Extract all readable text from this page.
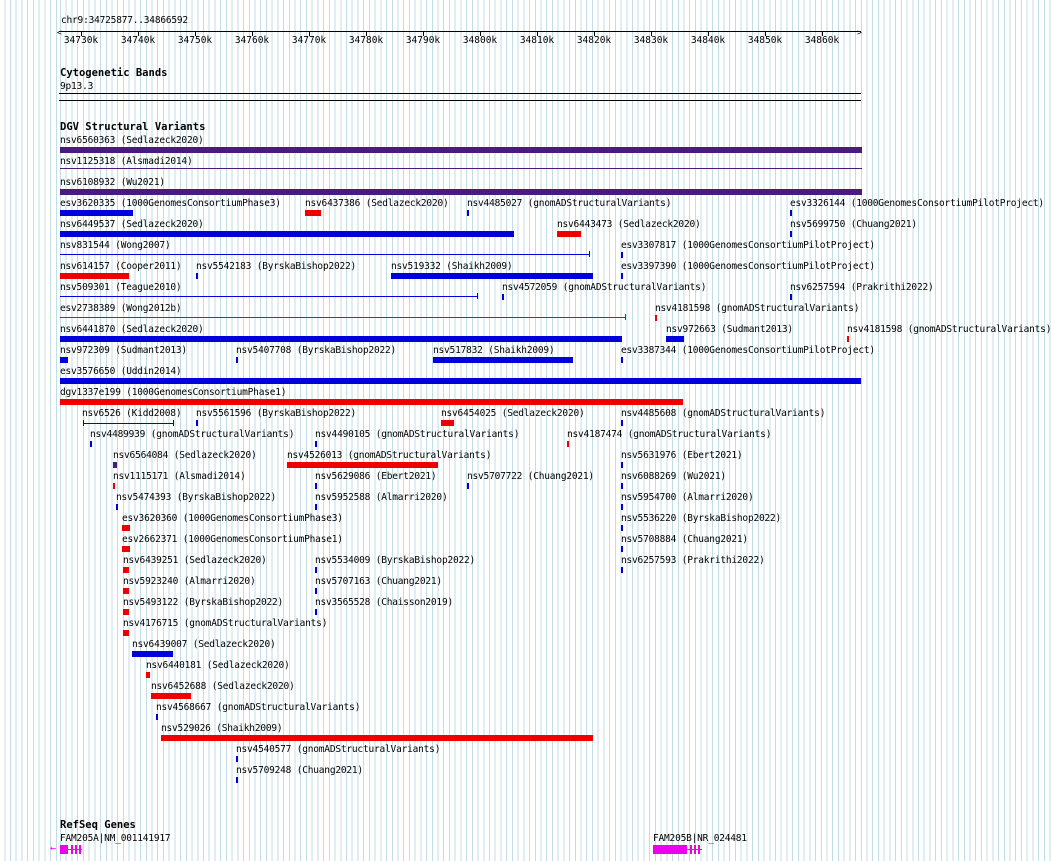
chr9:34725877..34866592
>
<
34730k 34740k 34750k 34760k 34770k 34780k 34790k 34800k 34810k 34820k 34830k 34840k 34850k 34860k
Cytogenetic Bands
9p13.3
DGV Structural Variants
nsv6560363 (Sedlazeck2020)
nsv1125318 (Alsmadi2014)
nsv6108932 (Wu2021)
esv3620335 (1000GenomesConsortiumPhase3)	nsv6437386 (Sedlazeck2020) nsv4485027 (gnomADStructuralVariants)	esv3326144 (1000GenomesConsortiumPilotProject)
nsv6449537 (Sedlazeck2020)	nsv6443473 (Sedlazeck2020)	nsv5699750 (Chuang2021)
nsv831544 (Wong2007)	esv3307817 (1000GenomesConsortiumPilotProject)
nsv614157 (Cooper2011) nsv5542183 (ByrskaBishop2022)	nsv519332 (Shaikh2009)	esv3397390 (1000GenomesConsortiumPilotProject)
nsv509301 (Teague2010)	nsv4572059 (gnomADStructuralVariants)	nsv6257594 (Prakrithi2022)
esv2738389 (Wong2012b)	nsv4181598 (gnomADStructuralVariants)
nsv6441870 (Sedlazeck2020)	nsv972663 (Sudmant2013)	nsv4181598 (gnomADStructuralVariants)
nsv972309 (Sudmant2013)	nsv5407708 (ByrskaBishop2022)	nsv517832 (Shaikh2009)	esv3387344 (1000GenomesConsortiumPilotProject)
esv3576650 (Uddin2014)
dgv1337e199 (1000GenomesConsortiumPhase1)
nsv6526 (Kidd2008) nsv5561596 (ByrskaBishop2022)	nsv6454025 (Sedlazeck2020)	nsv4485608 (gnomADStructuralVariants)
nsv4489939 (gnomADStructuralVariants) nsv4490105 (gnomADStructuralVariants)	nsv4187474 (gnomADStructuralVariants)
nsv6564084 (Sedlazeck2020)	nsv4526013 (gnomADStructuralVariants)	nsv5631976 (Ebert2021)
nsv1115171 (Alsmadi2014)	nsv5629086 (Ebert2021)	nsv5707722 (Chuang2021)	nsv6088269 (Wu2021)
nsv5474393 (ByrskaBishop2022)	nsv5952588 (Almarri2020)	nsv5954700 (Almarri2020)
esv3620360 (1000GenomesConsortiumPhase3)	nsv5536220 (ByrskaBishop2022)
esv2662371 (1000GenomesConsortiumPhase1)	nsv5708884 (Chuang2021)
nsv6439251 (Sedlazeck2020)	nsv5534009 (ByrskaBishop2022)	nsv6257593 (Prakrithi2022)
nsv5923240 (Almarri2020)	nsv5707163 (Chuang2021)
nsv5493122 (ByrskaBishop2022)	nsv3565528 (Chaisson2019)
nsv4176715 (gnomADStructuralVariants)
nsv6439007 (Sedlazeck2020)
nsv6440181 (Sedlazeck2020)
nsv6452688 (Sedlazeck2020)
nsv4568667 (gnomADStructuralVariants)
nsv529026 (Shaikh2009)
nsv4540577 (gnomADStructuralVariants)
nsv5709248 (Chuang2021)
RefSeq Genes
FAM205A|NM_001141917	FAM205B|NR_024481
←
